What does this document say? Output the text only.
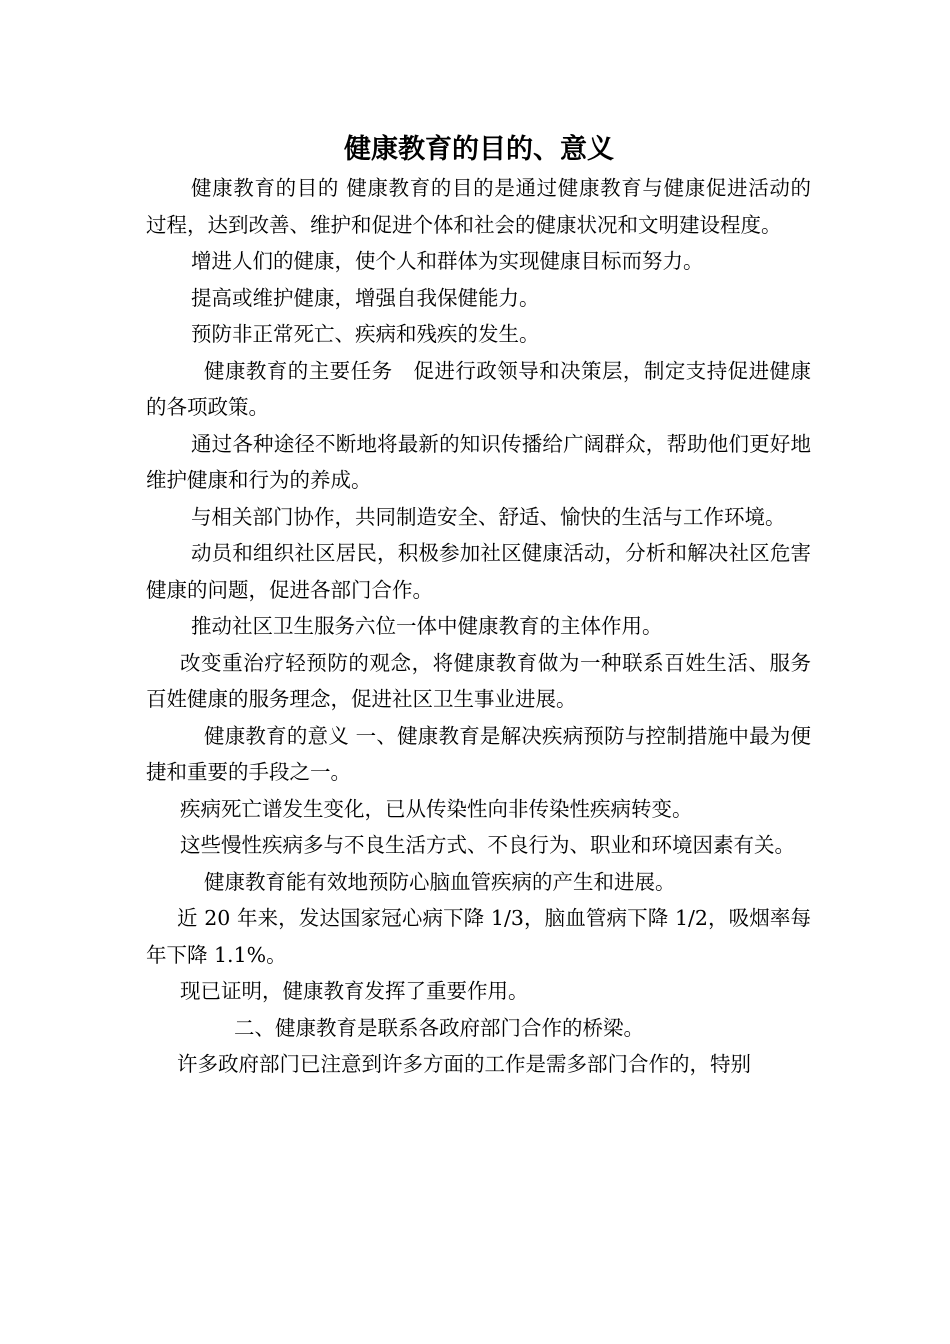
健康教育的目的、意义

健康教育的目的 健康教育的目的是通过健康教育与健康促进活动的过程，达到改善、维护和促进个体和社会的健康状况和文明建设程度。

增进人们的健康，使个人和群体为实现健康目标而努力。

提高或维护健康，增强自我保健能力。

预防非正常死亡、疾病和残疾的发生。

健康教育的主要任务　促进行政领导和决策层，制定支持促进健康的各项政策。

通过各种途径不断地将最新的知识传播给广阔群众，帮助他们更好地维护健康和行为的养成。

与相关部门协作，共同制造安全、舒适、愉快的生活与工作环境。

动员和组织社区居民，积极参加社区健康活动，分析和解决社区危害健康的问题，促进各部门合作。

推动社区卫生服务六位一体中健康教育的主体作用。

改变重治疗轻预防的观念，将健康教育做为一种联系百姓生活、服务百姓健康的服务理念，促进社区卫生事业进展。

健康教育的意义 一、健康教育是解决疾病预防与控制措施中最为便捷和重要的手段之一。

疾病死亡谱发生变化，已从传染性向非传染性疾病转变。

这些慢性疾病多与不良生活方式、不良行为、职业和环境因素有关。

健康教育能有效地预防心脑血管疾病的产生和进展。

近 20 年来，发达国家冠心病下降 1/3，脑血管病下降 1/2，吸烟率每年下降 1.1%。

现已证明，健康教育发挥了重要作用。

二、健康教育是联系各政府部门合作的桥梁。

许多政府部门已注意到许多方面的工作是需多部门合作的，特别
